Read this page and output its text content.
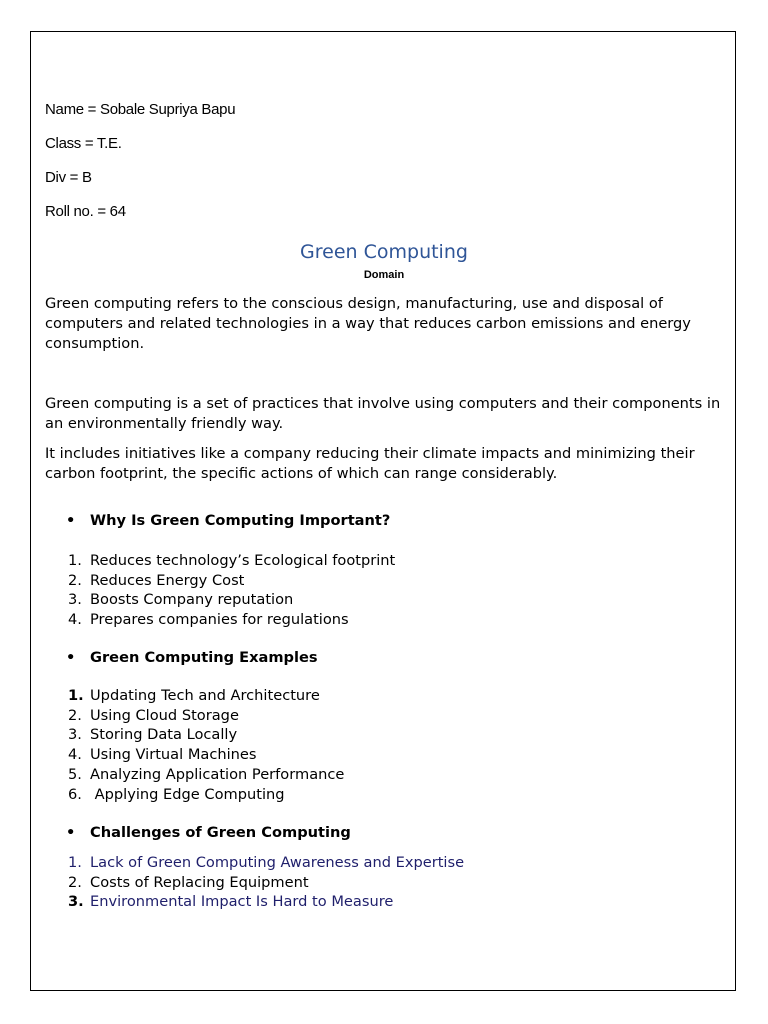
Name = Sobale Supriya Bapu
Class = T.E.
Div = B
Roll no. = 64
Green Computing
Domain
Green computing refers to the conscious design, manufacturing, use and disposal of computers and related technologies in a way that reduces carbon emissions and energy consumption.
Green computing is a set of practices that involve using computers and their components in an environmentally friendly way.
It includes initiatives like a company reducing their climate impacts and minimizing their carbon footprint, the specific actions of which can range considerably.
• Why Is Green Computing Important?
1. Reduces technology’s Ecological footprint
2. Reduces Energy Cost
3. Boosts Company reputation
4. Prepares companies for regulations
• Green Computing Examples
1. Updating Tech and Architecture
2. Using Cloud Storage
3. Storing Data Locally
4. Using Virtual Machines
5. Analyzing Application Performance
6. Applying Edge Computing
• Challenges of Green Computing
1. Lack of Green Computing Awareness and Expertise
2. Costs of Replacing Equipment
3. Environmental Impact Is Hard to Measure
